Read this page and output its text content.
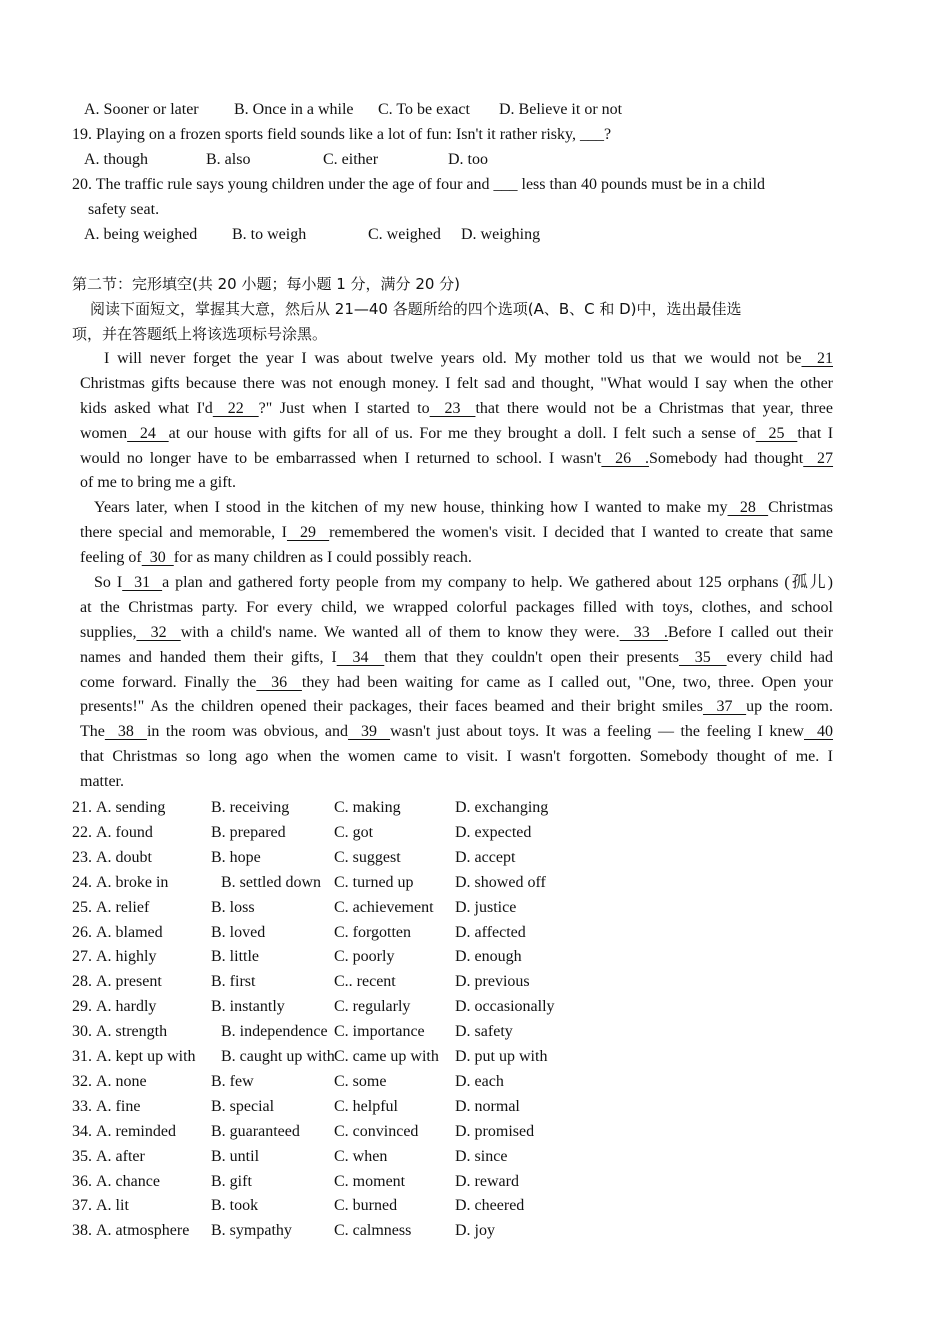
A. Sooner or later B. Once in a while C. To be exact D. Believe it or not
19. Playing on a frozen sports field sounds like a lot of fun: Isn't it rather risky, ___?
A. though	B. also	C. either	D. too
20. The traffic rule says young children under the age of four and ___ less than 40 pounds must be in a child
safety seat.
A. being weighed B. to weigh	C. weighed D. weighing
第二节：完形填空(共 20 小题；每小题 1 分，满分 20 分)
阅读下面短文，掌握其大意，然后从 21—40 各题所给的四个选项(A、B、C 和 D)中，选出最佳选
项，并在答题纸上将该选项标号涂黑。
I will never forget the year I was about twelve years old. My mother told us that we would not be  21
Christmas gifts because there was not enough money. I felt sad and thought, "What would I say when the other
kids asked what I'd  22  ?" Just when I started to  23  that there would not be a Christmas that year, three
women  24  at our house with gifts for all of us. For me they brought a doll. I felt such a sense of  25  that I
would no longer have to be embarrassed when I returned to school. I wasn't  26  .Somebody had thought  27
of me to bring me a gift.
Years later, when I stood in the kitchen of my new house, thinking how I wanted to make my  28  Christmas
there special and memorable, I  29  remembered the women's visit. I decided that I wanted to create that same
feeling of  30  for as many children as I could possibly reach.
So I  31  a plan and gathered forty people from my company to help. We gathered about 125 orphans (孤儿)
at the Christmas party. For every child, we wrapped colorful packages filled with toys, clothes, and school
supplies,  32  with a child's name. We wanted all of them to know they were.  33  .Before I called out their
names and handed them their gifts, I  34  them that they couldn't open their presents  35  every child had
come forward. Finally the  36  they had been waiting for came as I called out, "One, two, three. Open your
presents!" As the children opened their packages, their faces beamed and their bright smiles  37  up the room.
The  38  in the room was obvious, and  39  wasn't just about toys. It was a feeling — the feeling I knew  40
that Christmas so long ago when the women came to visit. I wasn't forgotten. Somebody thought of me. I
matter.
21. A. sending	B. receiving	C. making	D. exchanging
22. A. found	B. prepared	C. got	D. expected
23. A. doubt	B. hope	C. suggest	D. accept
24. A. broke in	B. settled down C. turned up	D. showed off
25. A. relief	B. loss	C. achievement D. justice
26. A. blamed	B. loved	C. forgotten	D. affected
27. A. highly	B. little	C. poorly	D. enough
28. A. present	B. first	C.. recent	D. previous
29. A. hardly	B. instantly	C. regularly	D. occasionally
30. A. strength	B. independence C. importance D. safety
31. A. kept up with B. caught up with C. came up with D. put up with
32. A. none	B. few	C. some	D. each
33. A. fine	B. special	C. helpful	D. normal
34. A. reminded B. guaranteed C. convinced D. promised
35. A. after	B. until	C. when	D. since
36. A. chance	B. gift	C. moment	D. reward
37. A. lit	B. took	C. burned	D. cheered
38. A. atmosphere B. sympathy	C. calmness	D. joy
